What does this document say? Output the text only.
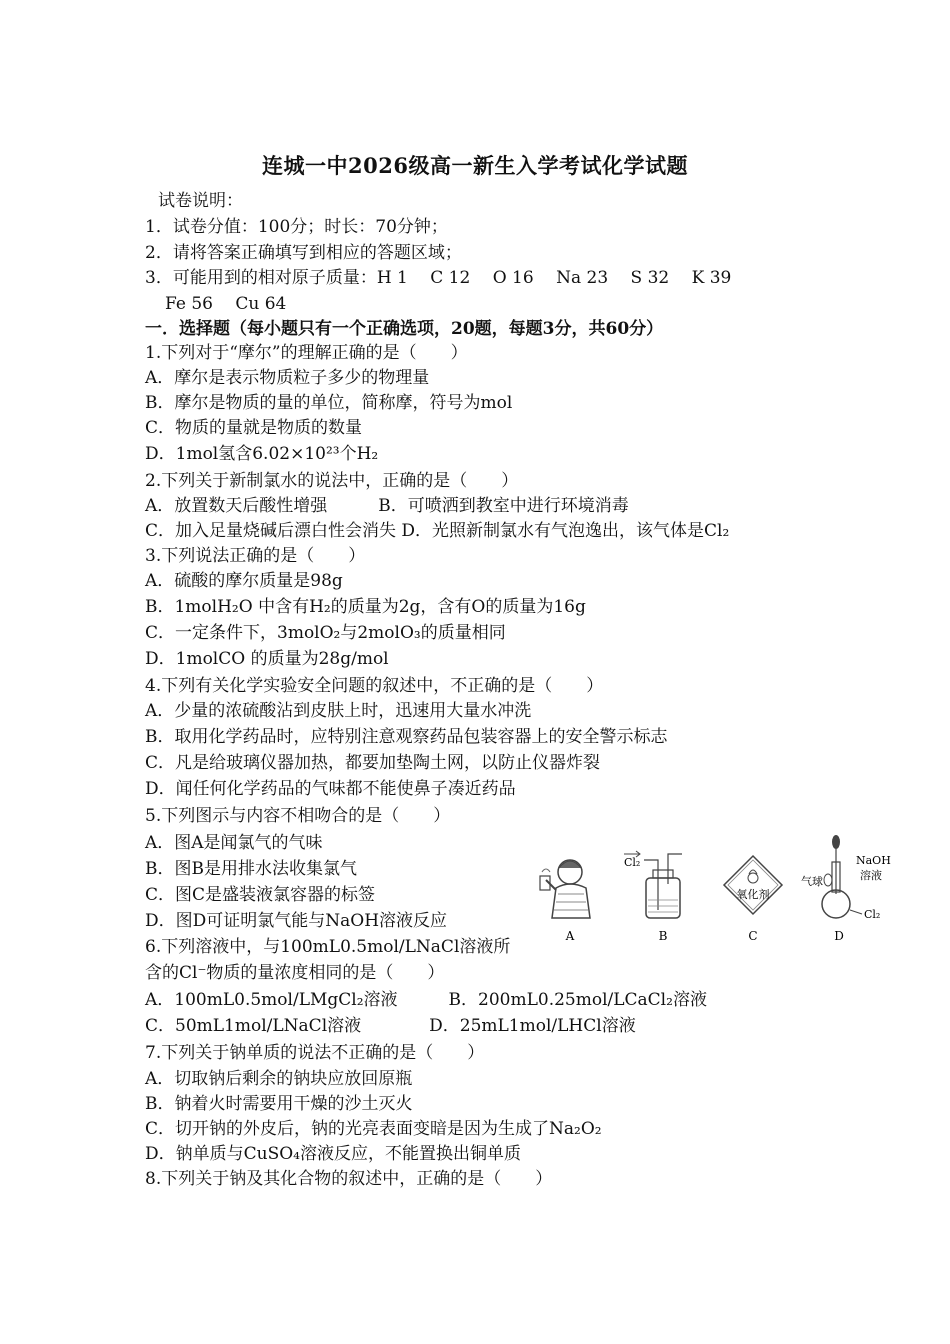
连城一中2026级高一新生入学考试化学试题
试卷说明：
1．试卷分值：100分；时长：70分钟；
2．请将答案正确填写到相应的答题区域；
3．可能用到的相对原子质量：H 1　 C 12　 O 16　 Na 23　 S 32　 K 39
Fe 56　 Cu 64
一．选择题（每小题只有一个正确选项，20题，每题3分，共60分）
1.下列对于“摩尔”的理解正确的是（　　）
A．摩尔是表示物质粒子多少的物理量
B．摩尔是物质的量的单位，简称摩，符号为mol
C．物质的量就是物质的数量
D．1mol氢含6.02×10²³个H₂
2.下列关于新制氯水的说法中，正确的是（　　）
A．放置数天后酸性增强　　　B．可喷洒到教室中进行环境消毒
C．加入足量烧碱后漂白性会消失 D．光照新制氯水有气泡逸出，该气体是Cl₂
3.下列说法正确的是（　　）
A．硫酸的摩尔质量是98g
B．1molH₂O 中含有H₂的质量为2g，含有O的质量为16g
C．一定条件下，3molO₂与2molO₃的质量相同
D．1molCO 的质量为28g/mol
4.下列有关化学实验安全问题的叙述中，不正确的是（　　）
A．少量的浓硫酸沾到皮肤上时，迅速用大量水冲洗
B．取用化学药品时，应特别注意观察药品包装容器上的安全警示标志
C．凡是给玻璃仪器加热，都要加垫陶土网，以防止仪器炸裂
D．闻任何化学药品的气味都不能使鼻子凑近药品
5.下列图示与内容不相吻合的是（　　）
A．图A是闻氯气的气味
B．图B是用排水法收集氯气
C．图C是盛装液氯容器的标签
D．图D可证明氯气能与NaOH溶液反应
6.下列溶液中，与100mL0.5mol/LNaCl溶液所
含的Cl⁻物质的量浓度相同的是（　　）
A．100mL0.5mol/LMgCl₂溶液　　　B．200mL0.25mol/LCaCl₂溶液
C．50mL1mol/LNaCl溶液　　　　D．25mL1mol/LHCl溶液
7.下列关于钠单质的说法不正确的是（　　）
A．切取钠后剩余的钠块应放回原瓶
B．钠着火时需要用干燥的沙土灭火
C．切开钠的外皮后，钠的光亮表面变暗是因为生成了Na₂O₂
D．钠单质与CuSO₄溶液反应，不能置换出铜单质
8.下列关于钠及其化合物的叙述中，正确的是（　　）
A
Cl₂
B
氧化剂
C
气球
NaOH
溶液
Cl₂
D
